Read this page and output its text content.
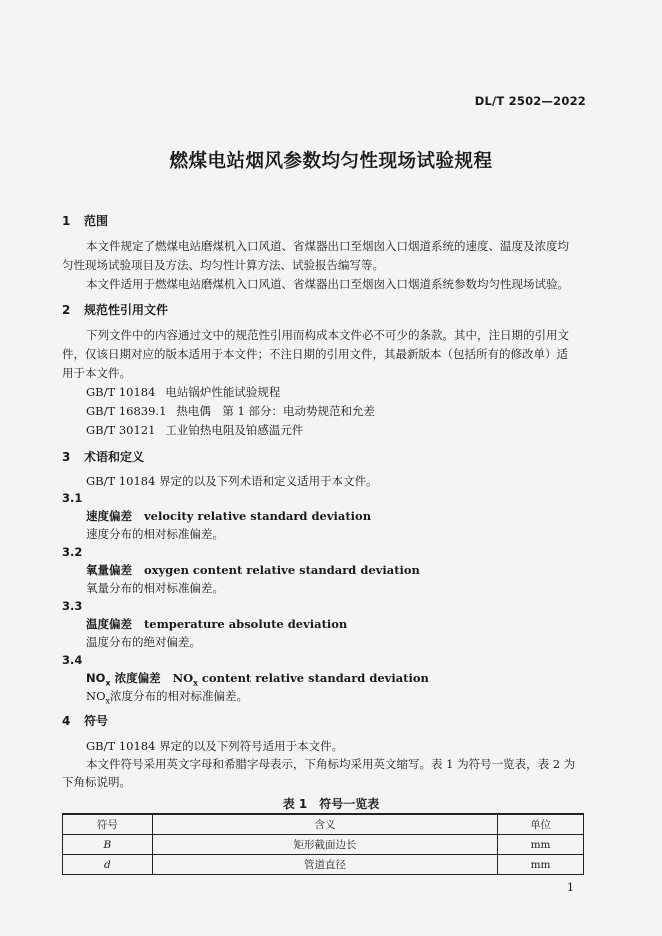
DL/T 2502—2022
燃煤电站烟风参数均匀性现场试验规程
1 范围
本文件规定了燃煤电站磨煤机入口风道、省煤器出口至烟囱入口烟道系统的速度、温度及浓度均
匀性现场试验项目及方法、均匀性计算方法、试验报告编写等。
本文件适用于燃煤电站磨煤机入口风道、省煤器出口至烟囱入口烟道系统参数均匀性现场试验。
2 规范性引用文件
下列文件中的内容通过文中的规范性引用而构成本文件必不可少的条款。其中，注日期的引用文
件，仅该日期对应的版本适用于本文件；不注日期的引用文件，其最新版本（包括所有的修改单）适
用于本文件。
GB/T 10184 电站锅炉性能试验规程
GB/T 16839.1 热电偶　第 1 部分：电动势规范和允差
GB/T 30121 工业铂热电阻及铂感温元件
3 术语和定义
GB/T 10184 界定的以及下列术语和定义适用于本文件。
3.1
速度偏差 velocity relative standard deviation
速度分布的相对标准偏差。
3.2
氧量偏差 oxygen content relative standard deviation
氧量分布的相对标准偏差。
3.3
温度偏差 temperature absolute deviation
温度分布的绝对偏差。
3.4
$NO_x$ 浓度偏差 $NO_x$ content relative standard deviation
$NO_x$浓度分布的相对标准偏差。
4 符号
GB/T 10184 界定的以及下列符号适用于本文件。
本文件符号采用英文字母和希腊字母表示，下角标均采用英文缩写。表 1 为符号一览表，表 2 为
下角标说明。
表 1　符号一览表
符号	含义	单位
B	矩形截面边长	mm
d	管道直径	mm
1
